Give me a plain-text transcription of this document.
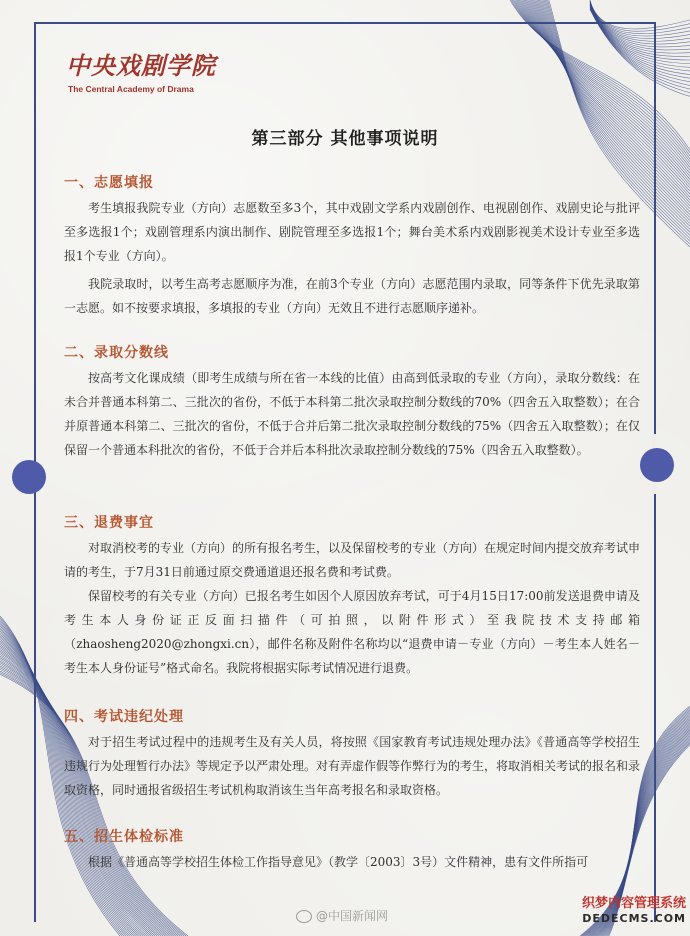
中央戏剧学院
The Central Academy of Drama
第三部分 其他事项说明
一、志愿填报

考生填报我院专业（方向）志愿数至多3个，其中戏剧文学系内戏剧创作、电视剧创作、戏剧史论与批评至多选报1个；戏剧管理系内演出制作、剧院管理至多选报1个；舞台美术系内戏剧影视美术设计专业至多选报1个专业（方向）。

我院录取时，以考生高考志愿顺序为准，在前3个专业（方向）志愿范围内录取，同等条件下优先录取第一志愿。如不按要求填报，多填报的专业（方向）无效且不进行志愿顺序递补。

二、录取分数线

按高考文化课成绩（即考生成绩与所在省一本线的比值）由高到低录取的专业（方向），录取分数线：在未合并普通本科第二、三批次的省份，不低于本科第二批次录取控制分数线的70%（四舍五入取整数）；在合并原普通本科第二、三批次的省份，不低于合并后第二批次录取控制分数线的75%（四舍五入取整数）；在仅保留一个普通本科批次的省份，不低于合并后本科批次录取控制分数线的75%（四舍五入取整数）。

三、退费事宜

对取消校考的专业（方向）的所有报名考生，以及保留校考的专业（方向）在规定时间内提交放弃考试申请的考生，于7月31日前通过原交费通道退还报名费和考试费。

保留校考的有关专业（方向）已报名考生如因个人原因放弃考试，可于4月15日17:00前发送退费申请及考生本人身份证正反面扫描件（可拍照，以附件形式）至我院技术支持邮箱（zhaosheng2020@zhongxi.cn），邮件名称及附件名称均以“退费申请－专业（方向）－考生本人姓名－考生本人身份证号”格式命名。我院将根据实际考试情况进行退费。

四、考试违纪处理

对于招生考试过程中的违规考生及有关人员，将按照《国家教育考试违规处理办法》《普通高等学校招生违规行为处理暂行办法》等规定予以严肃处理。对有弄虚作假等作弊行为的考生，将取消相关考试的报名和录取资格，同时通报省级招生考试机构取消该生当年高考报名和录取资格。

五、招生体检标准

根据《普通高等学校招生体检工作指导意见》（教学〔2003〕3号）文件精神，患有文件所指可

@中国新闻网
织梦内容管理系统
DEDECMS.COM
